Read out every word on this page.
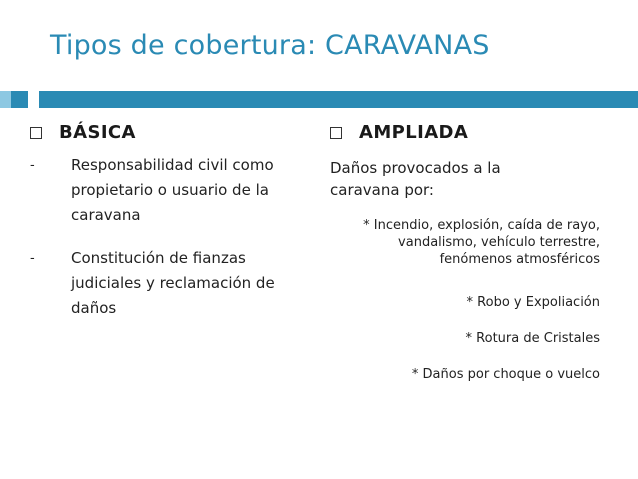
Tipos de cobertura: CARAVANAS
BÁSICA
- Responsabilidad civil como propietario o usuario de la caravana
- Constitución de fianzas judiciales y reclamación de daños
AMPLIADA
Daños provocados a la caravana por:
* Incendio, explosión, caída de rayo, vandalismo, vehículo terrestre, fenómenos atmosféricos
* Robo y Expoliación
* Rotura de Cristales
* Daños por choque o vuelco
